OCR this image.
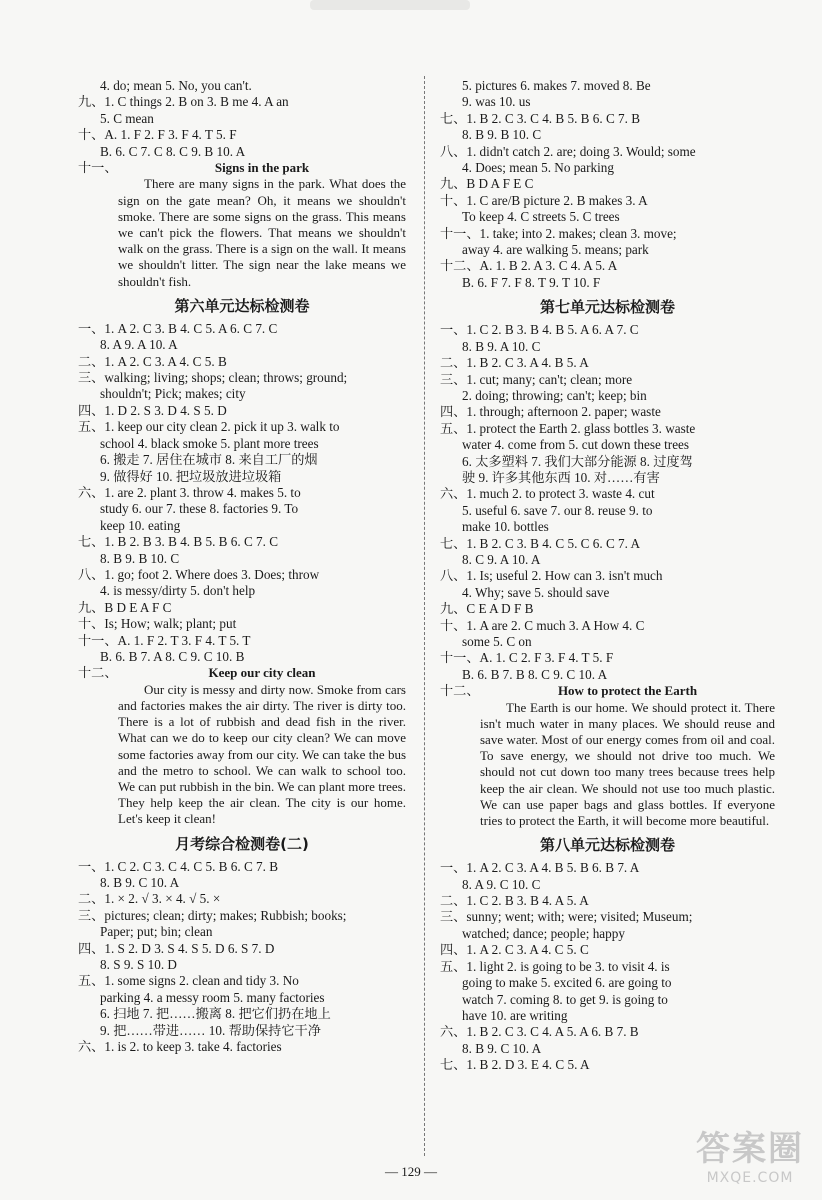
4. do; mean 5. No, you can't.
九、1. C things 2. B on 3. B me 4. A an
5. C mean
十、A. 1. F 2. F 3. F 4. T 5. F
B. 6. C 7. C 8. C 9. B 10. A
十一、	Signs in the park
There are many signs in the park. What does the sign on the gate mean? Oh, it means we shouldn't smoke. There are some signs on the grass. This means we can't pick the flowers. That means we shouldn't walk on the grass. There is a sign on the wall. It means we shouldn't litter. The sign near the lake means we shouldn't fish.
第六单元达标检测卷
一、1. A 2. C 3. B 4. C 5. A 6. C 7. C
8. A 9. A 10. A
二、1. A 2. C 3. A 4. C 5. B
三、walking; living; shops; clean; throws; ground;
shouldn't; Pick; makes; city
四、1. D 2. S 3. D 4. S 5. D
五、1. keep our city clean 2. pick it up 3. walk to
school 4. black smoke 5. plant more trees
6. 搬走 7. 居住在城市 8. 来自工厂的烟
9. 做得好 10. 把垃圾放进垃圾箱
六、1. are 2. plant 3. throw 4. makes 5. to
study 6. our 7. these 8. factories 9. To
keep 10. eating
七、1. B 2. B 3. B 4. B 5. B 6. C 7. C
8. B 9. B 10. C
八、1. go; foot 2. Where does 3. Does; throw
4. is messy/dirty 5. don't help
九、B D E A F C
十、Is; How; walk; plant; put
十一、A. 1. F 2. T 3. F 4. T 5. T
B. 6. B 7. A 8. C 9. C 10. B
十二、	Keep our city clean
Our city is messy and dirty now. Smoke from cars and factories makes the air dirty. The river is dirty too. There is a lot of rubbish and dead fish in the river. What can we do to keep our city clean? We can move some factories away from our city. We can take the bus and the metro to school. We can walk to school too. We can put rubbish in the bin. We can plant more trees. They help keep the air clean. The city is our home. Let's keep it clean!
月考综合检测卷(二)
一、1. C 2. C 3. C 4. C 5. B 6. C 7. B
8. B 9. C 10. A
二、1. × 2. √ 3. × 4. √ 5. ×
三、pictures; clean; dirty; makes; Rubbish; books;
Paper; put; bin; clean
四、1. S 2. D 3. S 4. S 5. D 6. S 7. D
8. S 9. S 10. D
五、1. some signs 2. clean and tidy 3. No
parking 4. a messy room 5. many factories
6. 扫地 7. 把……搬离 8. 把它们扔在地上
9. 把……带进…… 10. 帮助保持它干净
六、1. is 2. to keep 3. take 4. factories
5. pictures 6. makes 7. moved 8. Be
9. was 10. us
七、1. B 2. C 3. C 4. B 5. B 6. C 7. B
8. B 9. B 10. C
八、1. didn't catch 2. are; doing 3. Would; some
4. Does; mean 5. No parking
九、B D A F E C
十、1. C are/B picture 2. B makes 3. A
To keep 4. C streets 5. C trees
十一、1. take; into 2. makes; clean 3. move;
away 4. are walking 5. means; park
十二、A. 1. B 2. A 3. C 4. A 5. A
B. 6. F 7. F 8. T 9. T 10. F
第七单元达标检测卷
一、1. C 2. B 3. B 4. B 5. A 6. A 7. C
8. B 9. A 10. C
二、1. B 2. C 3. A 4. B 5. A
三、1. cut; many; can't; clean; more
2. doing; throwing; can't; keep; bin
四、1. through; afternoon 2. paper; waste
五、1. protect the Earth 2. glass bottles 3. waste
water 4. come from 5. cut down these trees
6. 太多塑料 7. 我们大部分能源 8. 过度驾
驶 9. 许多其他东西 10. 对……有害
六、1. much 2. to protect 3. waste 4. cut
5. useful 6. save 7. our 8. reuse 9. to
make 10. bottles
七、1. B 2. C 3. B 4. C 5. C 6. C 7. A
8. C 9. A 10. A
八、1. Is; useful 2. How can 3. isn't much
4. Why; save 5. should save
九、C E A D F B
十、1. A are 2. C much 3. A How 4. C
some 5. C on
十一、A. 1. C 2. F 3. F 4. T 5. F
B. 6. B 7. B 8. C 9. C 10. A
十二、	How to protect the Earth
The Earth is our home. We should protect it. There isn't much water in many places. We should reuse and save water. Most of our energy comes from oil and coal. To save energy, we should not drive too much. We should not cut down too many trees because trees help keep the air clean. We should not use too much plastic. We can use paper bags and glass bottles. If everyone tries to protect the Earth, it will become more beautiful.
第八单元达标检测卷
一、1. A 2. C 3. A 4. B 5. B 6. B 7. A
8. A 9. C 10. C
二、1. C 2. B 3. B 4. A 5. A
三、sunny; went; with; were; visited; Museum;
watched; dance; people; happy
四、1. A 2. C 3. A 4. C 5. C
五、1. light 2. is going to be 3. to visit 4. is
going to make 5. excited 6. are going to
watch 7. coming 8. to get 9. is going to
have 10. are writing
六、1. B 2. C 3. C 4. A 5. A 6. B 7. B
8. B 9. C 10. A
七、1. B 2. D 3. E 4. C 5. A
— 129 —
答案圈
MXQE.COM
